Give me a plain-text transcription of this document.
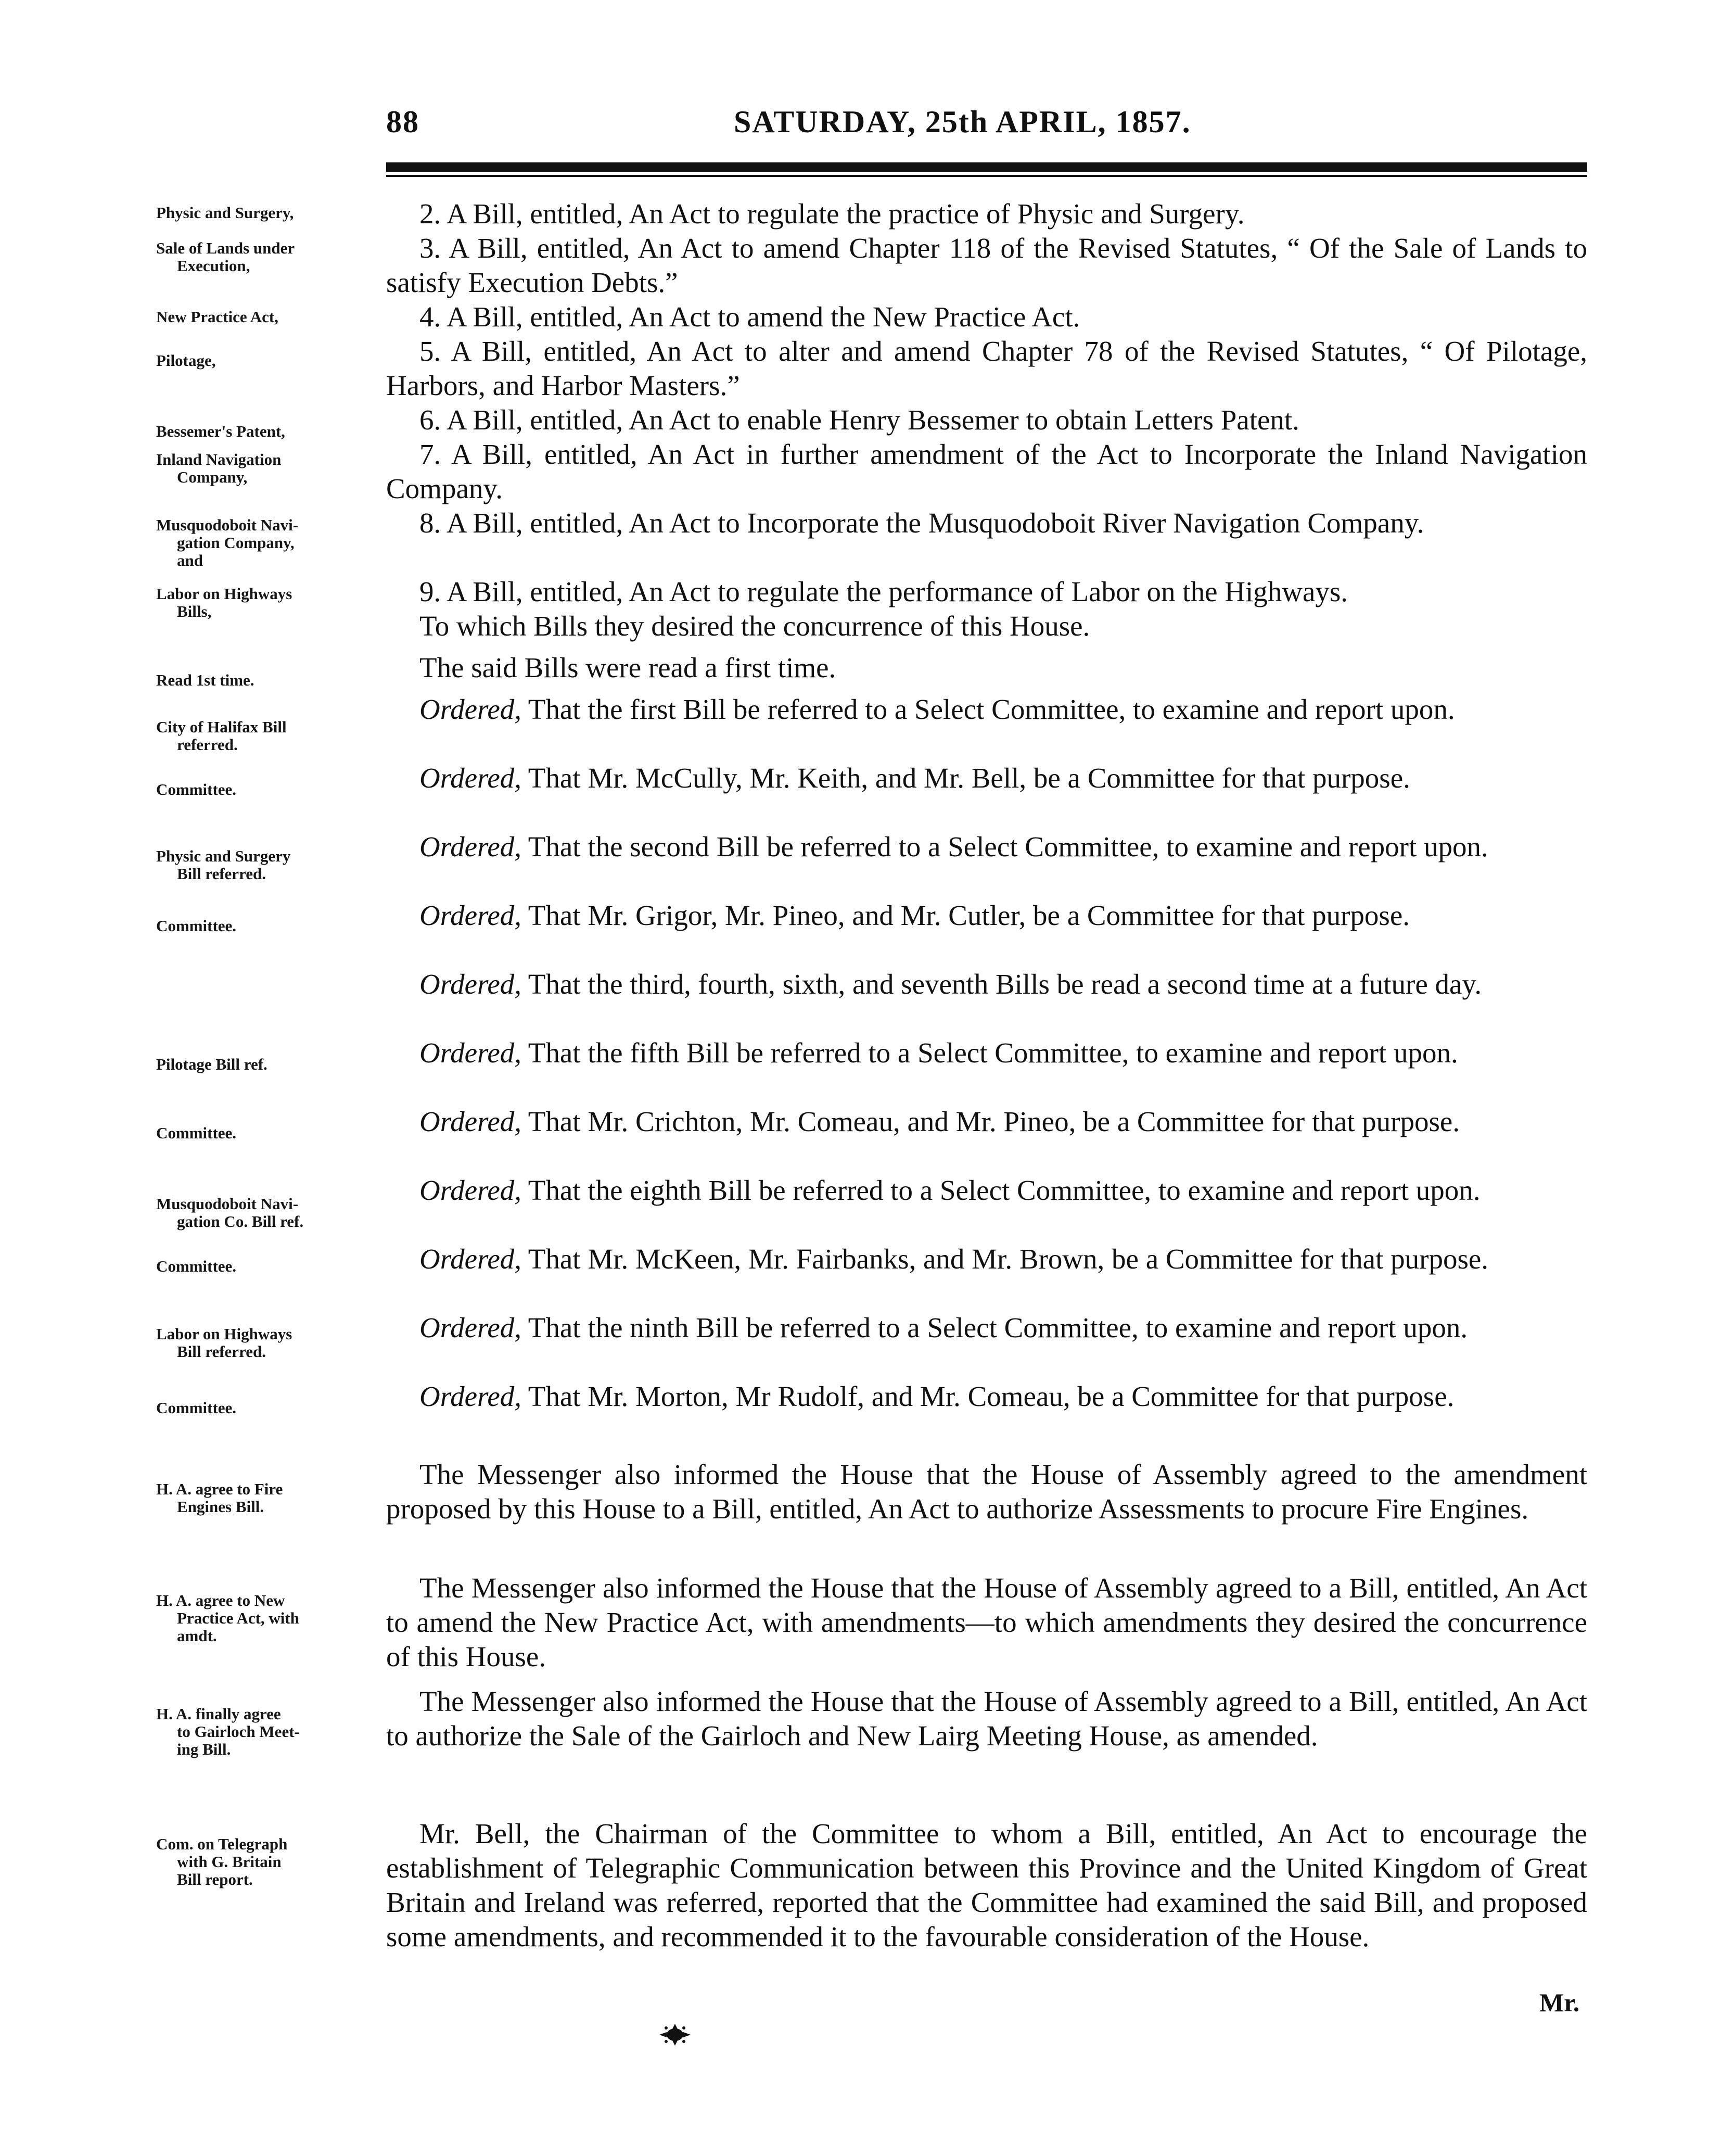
88	SATURDAY, 25th APRIL, 1857.
Physic and Surgery,
Sale of Lands under
Execution,
New Practice Act,
Pilotage,
Bessemer's Patent,
Inland Navigation
Company,
Musquodoboit Navi-
gation Company,
and
Labor on Highways
Bills,
Read 1st time.
City of Halifax Bill
referred.
Committee.
Physic and Surgery
Bill referred.
Committee.
Pilotage Bill ref.
Committee.
Musquodoboit Navi-
gation Co. Bill ref.
Committee.
Labor on Highways
Bill referred.
Committee.
H. A. agree to Fire
Engines Bill.
H. A. agree to New
Practice Act, with
amdt.
H. A. finally agree
to Gairloch Meet-
ing Bill.
Com. on Telegraph
with G. Britain
Bill report.
2. A Bill, entitled, An Act to regulate the practice of Physic and Surgery.
3. A Bill, entitled, An Act to amend Chapter 118 of the Revised Statutes, “ Of the Sale of Lands to satisfy Execution Debts.”
4. A Bill, entitled, An Act to amend the New Practice Act.
5. A Bill, entitled, An Act to alter and amend Chapter 78 of the Revised Statutes, “ Of Pilotage, Harbors, and Harbor Masters.”
6. A Bill, entitled, An Act to enable Henry Bessemer to obtain Letters Patent.
7. A Bill, entitled, An Act in further amendment of the Act to Incorporate the Inland Navigation Company.
8. A Bill, entitled, An Act to Incorporate the Musquodoboit River Navigation Company.
9. A Bill, entitled, An Act to regulate the performance of Labor on the Highways.
To which Bills they desired the concurrence of this House.
The said Bills were read a first time.
Ordered, That the first Bill be referred to a Select Committee, to examine and report upon.
Ordered, That Mr. McCully, Mr. Keith, and Mr. Bell, be a Committee for that purpose.
Ordered, That the second Bill be referred to a Select Committee, to examine and report upon.
Ordered, That Mr. Grigor, Mr. Pineo, and Mr. Cutler, be a Committee for that purpose.
Ordered, That the third, fourth, sixth, and seventh Bills be read a second time at a future day.
Ordered, That the fifth Bill be referred to a Select Committee, to examine and report upon.
Ordered, That Mr. Crichton, Mr. Comeau, and Mr. Pineo, be a Committee for that purpose.
Ordered, That the eighth Bill be referred to a Select Committee, to examine and report upon.
Ordered, That Mr. McKeen, Mr. Fairbanks, and Mr. Brown, be a Committee for that purpose.
Ordered, That the ninth Bill be referred to a Select Committee, to examine and report upon.
Ordered, That Mr. Morton, Mr Rudolf, and Mr. Comeau, be a Committee for that purpose.
The Messenger also informed the House that the House of Assembly agreed to the amendment proposed by this House to a Bill, entitled, An Act to authorize Assessments to procure Fire Engines.
The Messenger also informed the House that the House of Assembly agreed to a Bill, entitled, An Act to amend the New Practice Act, with amendments—to which amendments they desired the concurrence of this House.
The Messenger also informed the House that the House of Assembly agreed to a Bill, entitled, An Act to authorize the Sale of the Gairloch and New Lairg Meeting House, as amended.
Mr. Bell, the Chairman of the Committee to whom a Bill, entitled, An Act to encourage the establishment of Telegraphic Communication between this Province and the United Kingdom of Great Britain and Ireland was referred, reported that the Committee had examined the said Bill, and proposed some amendments, and recommended it to the favourable consideration of the House.
Mr.
